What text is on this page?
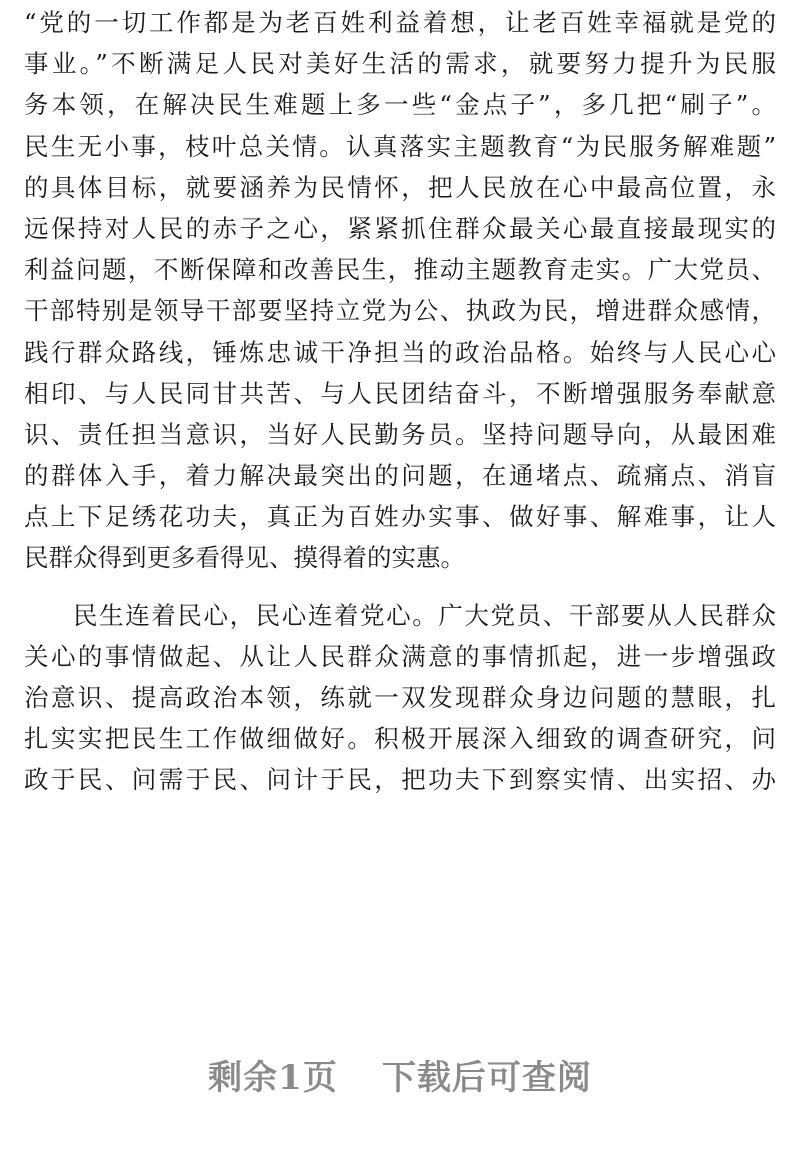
“党的一切工作都是为老百姓利益着想，让老百姓幸福就是党的
事业。”不断满足人民对美好生活的需求，就要努力提升为民服
务本领，在解决民生难题上多一些“金点子”，多几把“刷子”。
民生无小事，枝叶总关情。认真落实主题教育“为民服务解难题”
的具体目标，就要涵养为民情怀，把人民放在心中最高位置，永
远保持对人民的赤子之心，紧紧抓住群众最关心最直接最现实的
利益问题，不断保障和改善民生，推动主题教育走实。广大党员、
干部特别是领导干部要坚持立党为公、执政为民，增进群众感情，
践行群众路线，锤炼忠诚干净担当的政治品格。始终与人民心心
相印、与人民同甘共苦、与人民团结奋斗，不断增强服务奉献意
识、责任担当意识，当好人民勤务员。坚持问题导向，从最困难
的群体入手，着力解决最突出的问题，在通堵点、疏痛点、消盲
点上下足绣花功夫，真正为百姓办实事、做好事、解难事，让人
民群众得到更多看得见、摸得着的实惠。
民生连着民心，民心连着党心。广大党员、干部要从人民群众
关心的事情做起、从让人民群众满意的事情抓起，进一步增强政
治意识、提高政治本领，练就一双发现群众身边问题的慧眼，扎
扎实实把民生工作做细做好。积极开展深入细致的调查研究，问
政于民、问需于民、问计于民，把功夫下到察实情、出实招、办
剩余1页 下载后可查阅
